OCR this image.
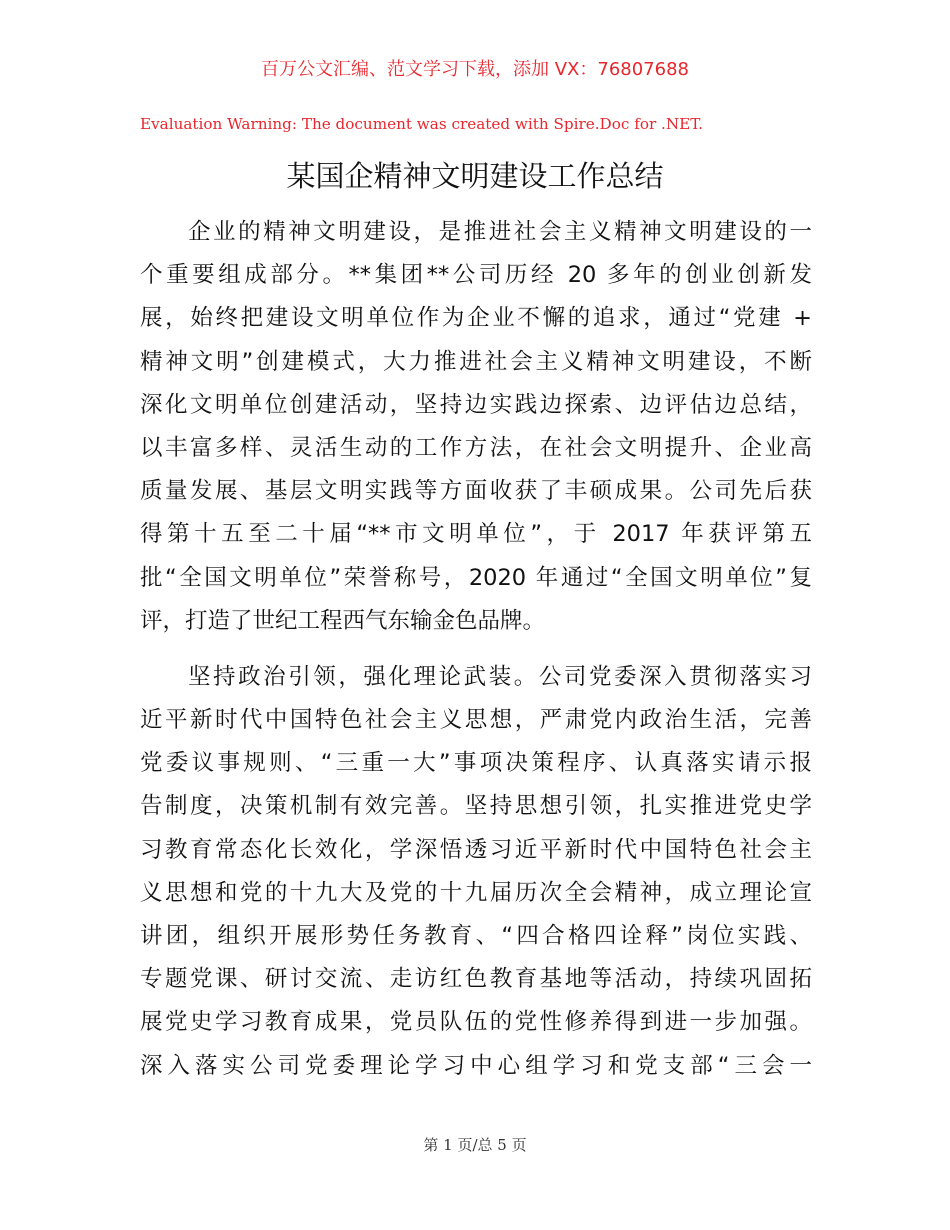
百万公文汇编、范文学习下载，添加 VX：76807688
Evaluation Warning: The document was created with Spire.Doc for .NET.
某国企精神文明建设工作总结
企业的精神文明建设，是推进社会主义精神文明建设的一
个重要组成部分。**集团**公司历经 20 多年的创业创新发
展，始终把建设文明单位作为企业不懈的追求，通过“党建 +
精神文明”创建模式，大力推进社会主义精神文明建设，不断
深化文明单位创建活动，坚持边实践边探索、边评估边总结，
以丰富多样、灵活生动的工作方法，在社会文明提升、企业高
质量发展、基层文明实践等方面收获了丰硕成果。公司先后获
得第十五至二十届“**市文明单位”，于 2017 年获评第五
批“全国文明单位”荣誉称号，2020 年通过“全国文明单位”复
评，打造了世纪工程西气东输金色品牌。
坚持政治引领，强化理论武装。公司党委深入贯彻落实习
近平新时代中国特色社会主义思想，严肃党内政治生活，完善
党委议事规则、“三重一大”事项决策程序、认真落实请示报
告制度，决策机制有效完善。坚持思想引领，扎实推进党史学
习教育常态化长效化，学深悟透习近平新时代中国特色社会主
义思想和党的十九大及党的十九届历次全会精神，成立理论宣
讲团，组织开展形势任务教育、“四合格四诠释”岗位实践、
专题党课、研讨交流、走访红色教育基地等活动，持续巩固拓
展党史学习教育成果，党员队伍的党性修养得到进一步加强。
深入落实公司党委理论学习中心组学习和党支部“三会一
第 1 页/总 5 页
